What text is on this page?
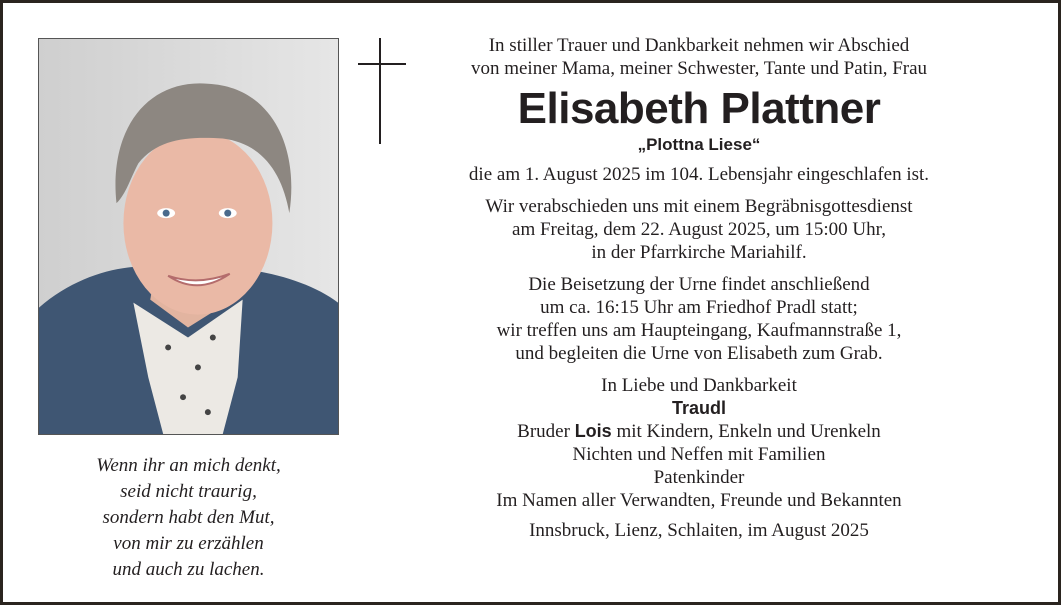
Wenn ihr an mich denkt,
seid nicht traurig,
sondern habt den Mut,
von mir zu erzählen
und auch zu lachen.
In stiller Trauer und Dankbarkeit nehmen wir Abschied
von meiner Mama, meiner Schwester, Tante und Patin, Frau
Elisabeth Plattner
„Plottna Liese“
die am 1. August 2025 im 104. Lebensjahr eingeschlafen ist.
Wir verabschieden uns mit einem Begräbnisgottesdienst
am Freitag, dem 22. August 2025, um 15:00 Uhr,
in der Pfarrkirche Mariahilf.
Die Beisetzung der Urne findet anschließend
um ca. 16:15 Uhr am Friedhof Pradl statt;
wir treffen uns am Haupteingang, Kaufmannstraße 1,
und begleiten die Urne von Elisabeth zum Grab.
In Liebe und Dankbarkeit
Traudl
Bruder Lois mit Kindern, Enkeln und Urenkeln
Nichten und Neffen mit Familien
Patenkinder
Im Namen aller Verwandten, Freunde und Bekannten
Innsbruck, Lienz, Schlaiten, im August 2025
